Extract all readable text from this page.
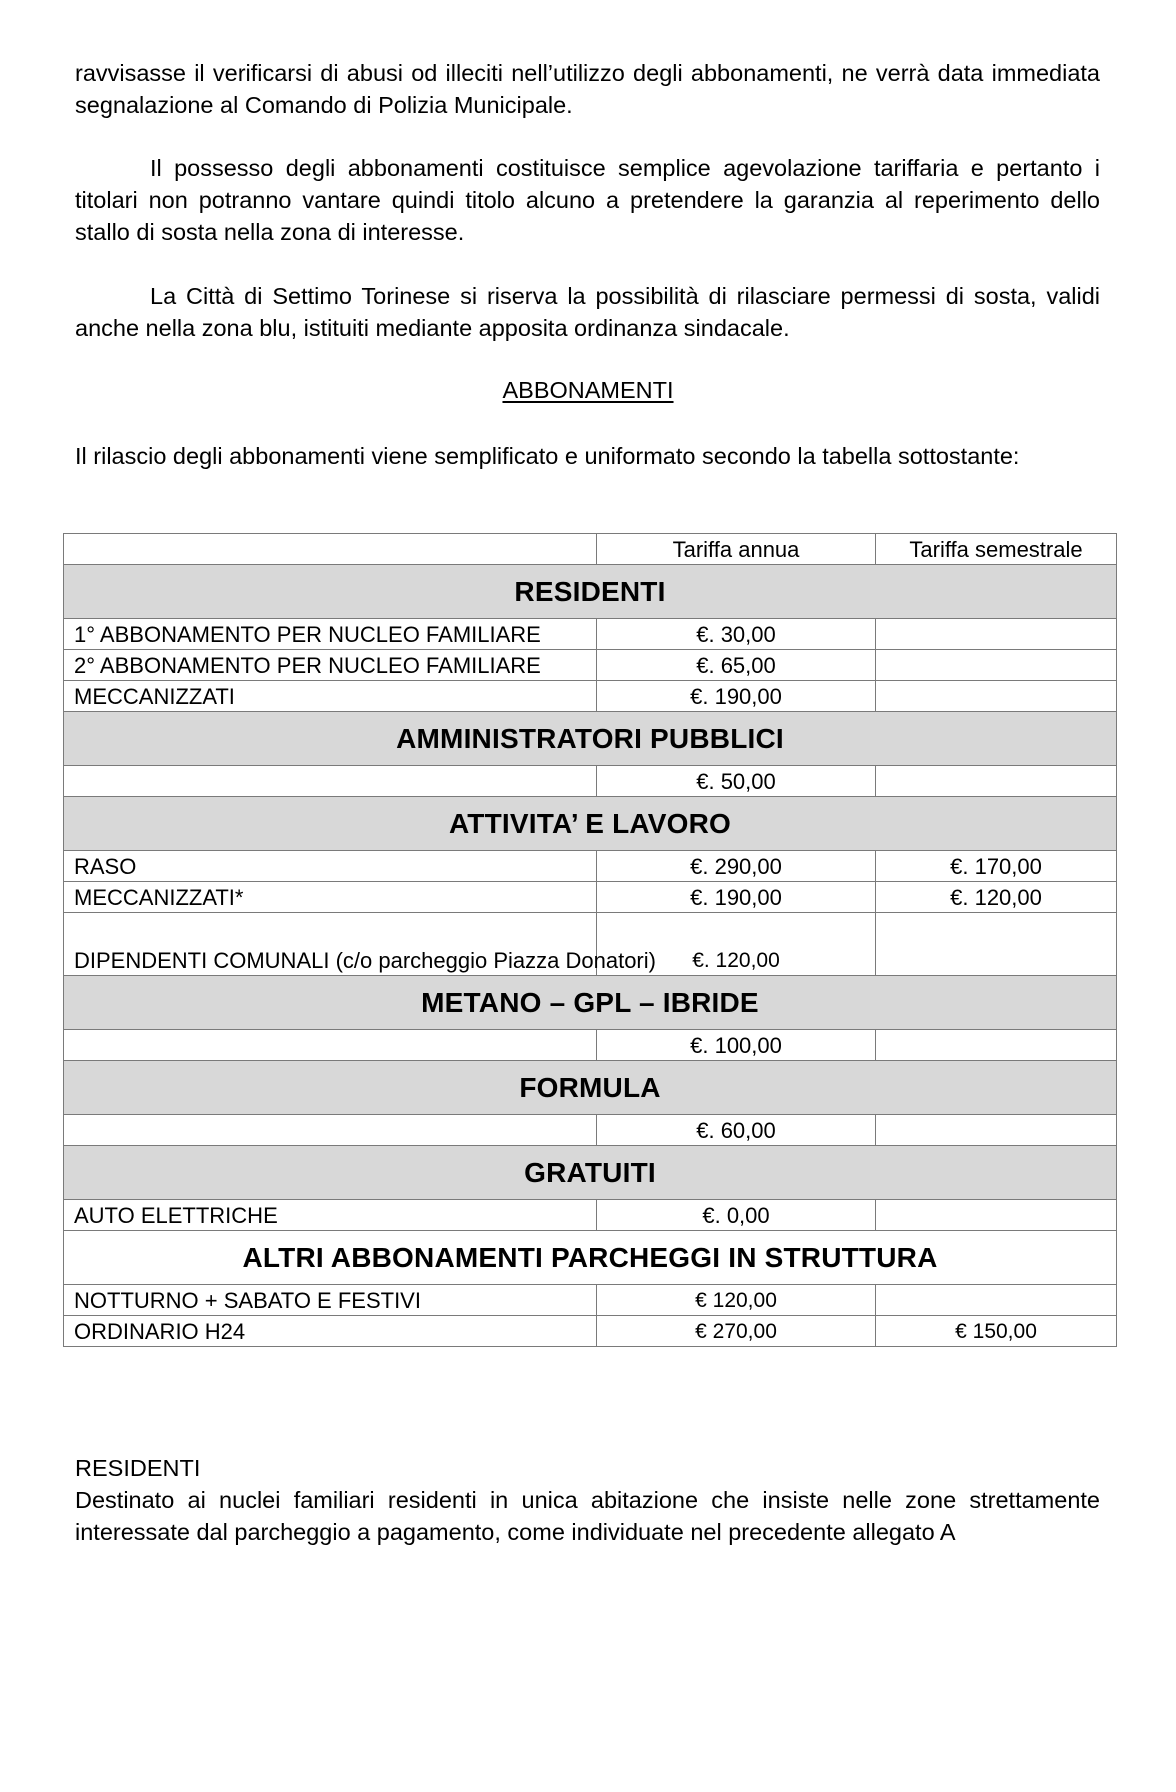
ravvisasse il verificarsi di abusi od illeciti nell’utilizzo degli abbonamenti, ne verrà data immediata segnalazione al Comando di Polizia Municipale.

Il possesso degli abbonamenti costituisce semplice agevolazione tariffaria e pertanto i titolari non potranno vantare quindi titolo alcuno a pretendere la garanzia al reperimento dello stallo di sosta nella zona di interesse.

La Città di Settimo Torinese si riserva la possibilità di rilasciare permessi di sosta, validi anche nella zona blu, istituiti mediante apposita ordinanza sindacale.

ABBONAMENTI

Il rilascio degli abbonamenti viene semplificato e uniformato secondo la tabella sottostante:

	Tariffa annua	Tariffa semestrale
RESIDENTI		
1° ABBONAMENTO PER NUCLEO FAMILIARE	€. 30,00	
2° ABBONAMENTO PER NUCLEO FAMILIARE	€. 65,00	
MECCANIZZATI	€. 190,00	
AMMINISTRATORI PUBBLICI		
	€. 50,00	
ATTIVITA’ E LAVORO		
RASO	€. 290,00	€. 170,00
MECCANIZZATI*	€. 190,00	€. 120,00
DIPENDENTI COMUNALI (c/o parcheggio Piazza Donatori)	€. 120,00	
METANO – GPL – IBRIDE		
	€. 100,00	
FORMULA		
	€. 60,00	
GRATUITI		
AUTO ELETTRICHE	€. 0,00	
ALTRI ABBONAMENTI PARCHEGGI IN STRUTTURA		
NOTTURNO + SABATO E FESTIVI	€ 120,00	
ORDINARIO H24	€ 270,00	€ 150,00
RESIDENTI
Destinato ai nuclei familiari residenti in unica abitazione che insiste nelle zone strettamente interessate dal parcheggio a pagamento, come individuate nel precedente allegato A
